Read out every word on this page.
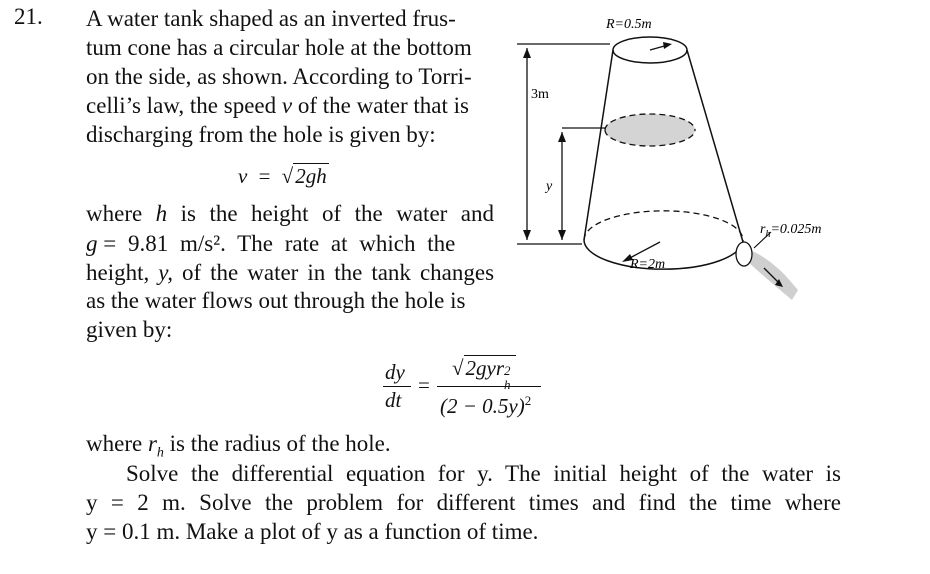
21. A water tank shaped as an inverted frus-
tum cone has a circular hole at the bottom
on the side, as shown. According to Torri-
celli’s law, the speed v of the water that is
discharging from the hole is given by:
v = √2gh
where h is the height of the water and
g = 9.81 m/s². The rate at which the
height, y, of the water in the tank changes
as the water flows out through the hole is
given by:
dy
dt
=
√2gyr 2
h
$(2 - 0.5y)^2$
where $r_h$ is the radius of the hole.
Solve the differential equation for y. The initial height of the water is
y = 2 m. Solve the problem for different times and find the time where
y = 0.1 m. Make a plot of y as a function of time.
R=0.5m
R=2m
3m
y
$r_h=0.025m$
